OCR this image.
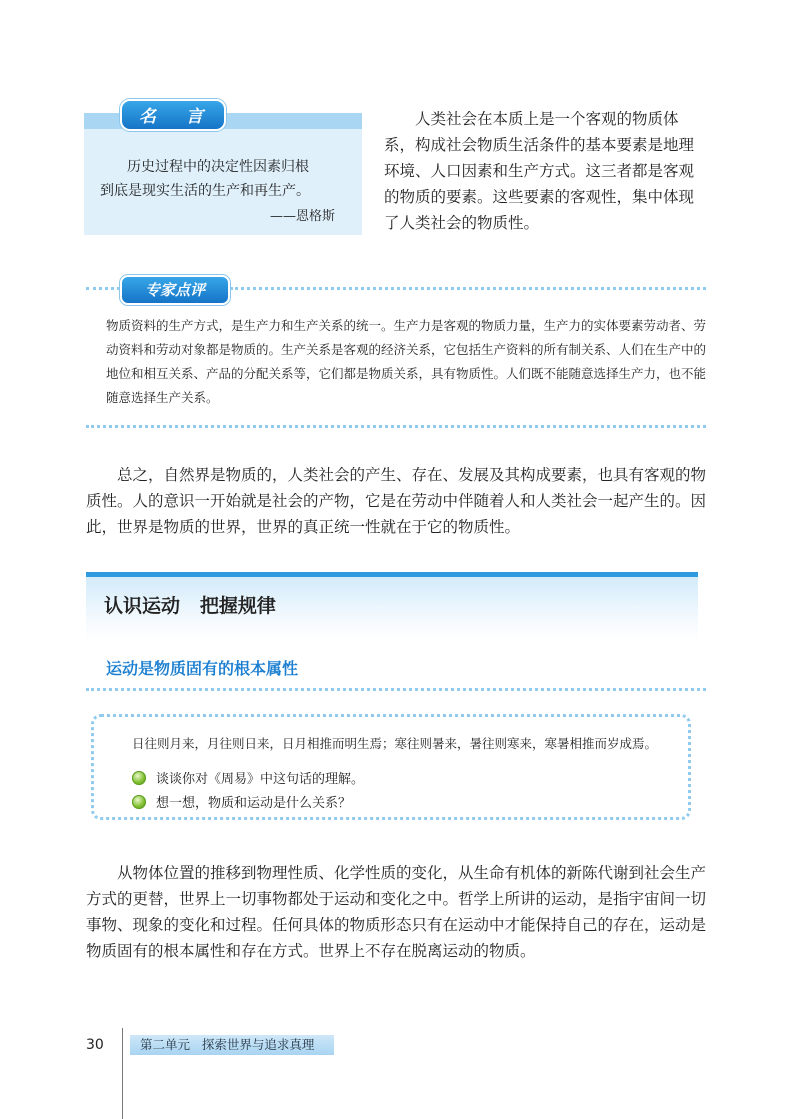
名 言
历史过程中的决定性因素归根
到底是现实生活的生产和再生产。
——恩格斯

人类社会在本质上是一个客观的物质体系，构成社会物质生活条件的基本要素是地理环境、人口因素和生产方式。这三者都是客观的物质的要素。这些要素的客观性，集中体现了人类社会的物质性。

专家点评

物质资料的生产方式，是生产力和生产关系的统一。生产力是客观的物质力量，生产力的实体要素劳动者、劳动资料和劳动对象都是物质的。生产关系是客观的经济关系，它包括生产资料的所有制关系、人们在生产中的地位和相互关系、产品的分配关系等，它们都是物质关系，具有物质性。人们既不能随意选择生产力，也不能随意选择生产关系。

总之，自然界是物质的，人类社会的产生、存在、发展及其构成要素，也具有客观的物质性。人的意识一开始就是社会的产物，它是在劳动中伴随着人和人类社会一起产生的。因此，世界是物质的世界，世界的真正统一性就在于它的物质性。

认识运动   把握规律
运动是物质固有的根本属性
日往则月来，月往则日来，日月相推而明生焉；寒往则暑来，暑往则寒来，寒暑相推而岁成焉。
谈谈你对《周易》中这句话的理解。
想一想，物质和运动是什么关系？

从物体位置的推移到物理性质、化学性质的变化，从生命有机体的新陈代谢到社会生产方式的更替，世界上一切事物都处于运动和变化之中。哲学上所讲的运动，是指宇宙间一切事物、现象的变化和过程。任何具体的物质形态只有在运动中才能保持自己的存在，运动是物质固有的根本属性和存在方式。世界上不存在脱离运动的物质。

30	第二单元   探索世界与追求真理
